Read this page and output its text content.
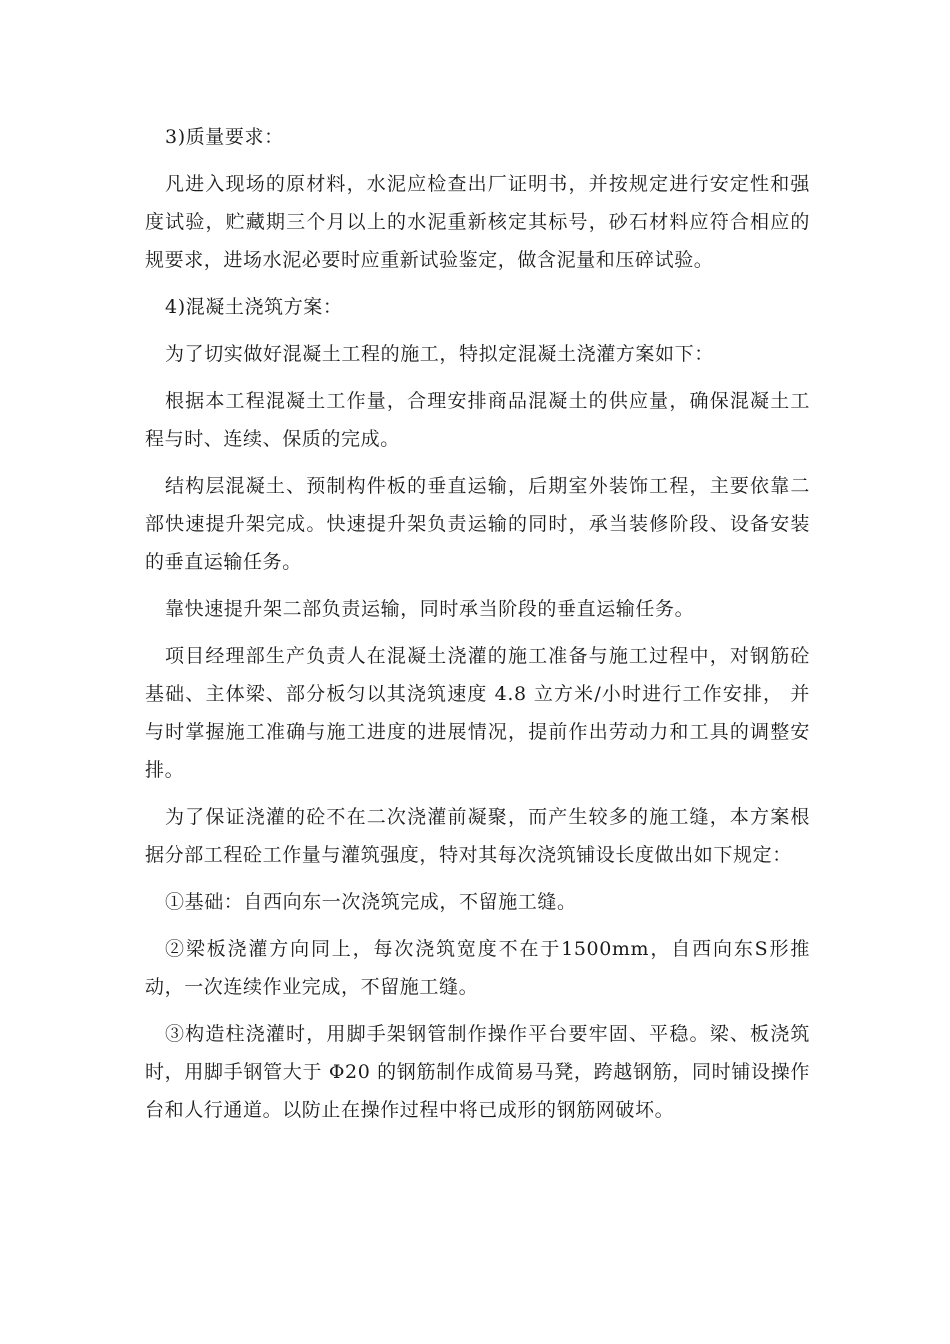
3)质量要求：

凡进入现场的原材料，水泥应检查出厂证明书，并按规定进行安定性和强度试验，贮藏期三个月以上的水泥重新核定其标号，砂石材料应符合相应的规要求，进场水泥必要时应重新试验鉴定，做含泥量和压碎试验。

4)混凝土浇筑方案：

为了切实做好混凝土工程的施工，特拟定混凝土浇灌方案如下：

根据本工程混凝土工作量，合理安排商品混凝土的供应量，确保混凝土工程与时、连续、保质的完成。

结构层混凝土、预制构件板的垂直运输，后期室外装饰工程，主要依靠二部快速提升架完成。快速提升架负责运输的同时，承当装修阶段、设备安装的垂直运输任务。

靠快速提升架二部负责运输，同时承当阶段的垂直运输任务。

项目经理部生产负责人在混凝土浇灌的施工准备与施工过程中，对钢筋砼基础、主体梁、部分板匀以其浇筑速度 4.8 立方米/小时进行工作安排， 并与时掌握施工准确与施工进度的进展情况，提前作出劳动力和工具的调整安排。

为了保证浇灌的砼不在二次浇灌前凝聚，而产生较多的施工缝，本方案根据分部工程砼工作量与灌筑强度，特对其每次浇筑铺设长度做出如下规定：

①基础：自西向东一次浇筑完成，不留施工缝。

②梁板浇灌方向同上，每次浇筑宽度不在于1500mm，自西向东S形推动，一次连续作业完成，不留施工缝。

③构造柱浇灌时，用脚手架钢管制作操作平台要牢固、平稳。梁、板浇筑时，用脚手钢管大于 Φ20 的钢筋制作成简易马凳，跨越钢筋，同时铺设操作台和人行通道。以防止在操作过程中将已成形的钢筋网破坏。
